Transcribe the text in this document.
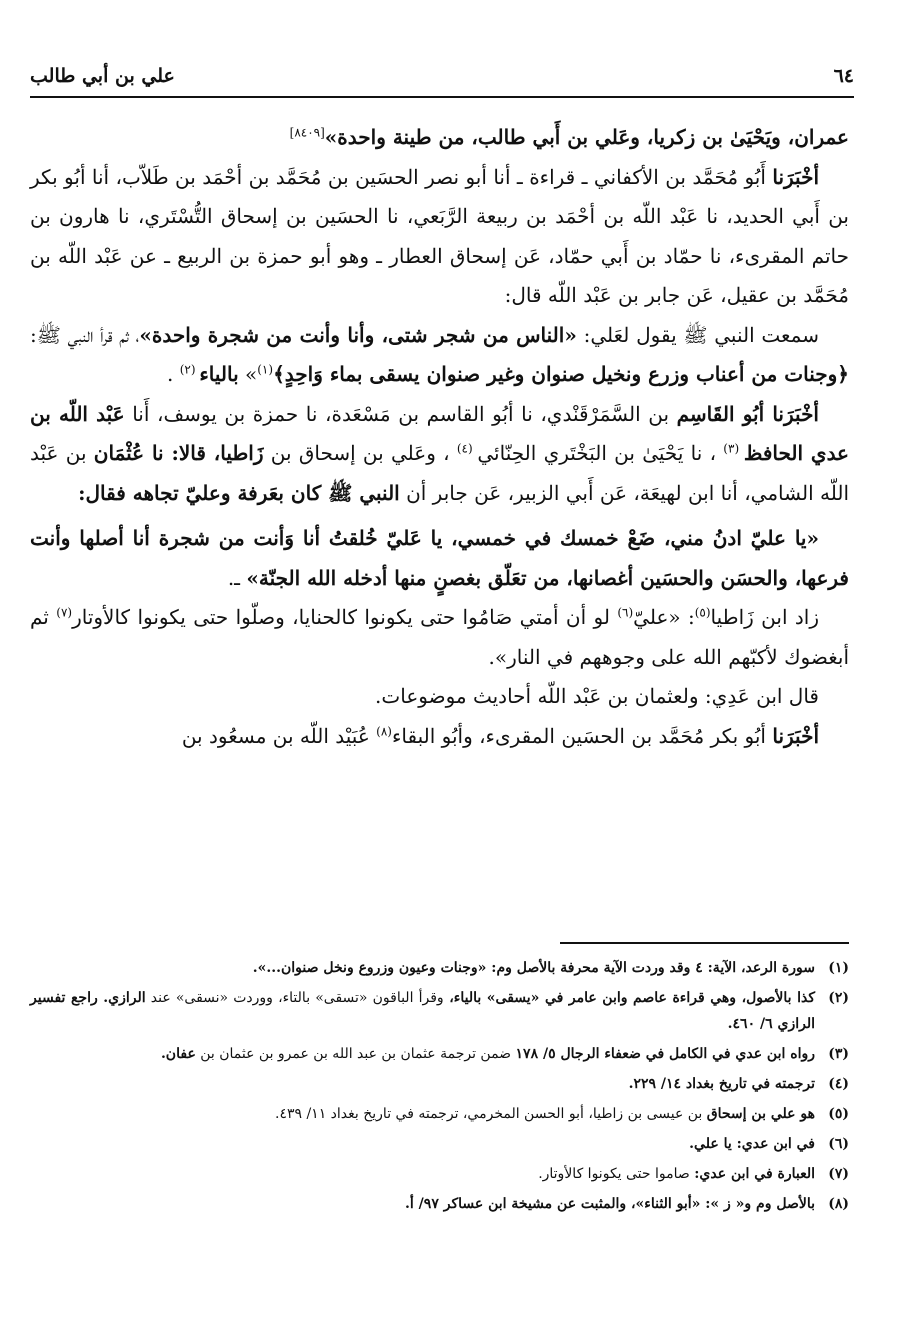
٦٤
علي بن أبي طالب

عمران، ويَحْيَىٰ بن زكريا، وعَلي بن أَبي طالب، من طينة واحدة»[٨٤٠٩]

أخْبَرَنا أَبُو مُحَمَّد بن الأكفاني ـ قراءة ـ أنا أبو نصر الحسَين بن مُحَمَّد بن أحْمَد بن طَلاّب، أنا أبُو بكر بن أَبي الحديد، نا عَبْد اللّه بن أحْمَد بن ربيعة الرَّبَعي، نا الحسَين بن إسحاق التُّسْتَري، نا هارون بن حاتم المقرىء، نا حمّاد بن أَبي حمّاد، عَن إسحاق العطار ـ وهو أبو حمزة بن الربيع ـ عن عَبْد اللّه بن مُحَمَّد بن عقيل، عَن جابر بن عَبْد اللّه قال:

سمعت النبي ﷺ يقول لعَلي: «الناس من شجر شتى، وأنا وأنت من شجرة واحدة»، ثم قرأ النبي ﷺ: ﴿وجنات من أعناب وزرع ونخيل صنوان وغير صنوان يسقى بماء وَاحِدٍ﴾$^{(١)}$» بالياء $^{(٢)}$ .

أخْبَرَنا أبُو القَاسِم بن السَّمَرْقَنْدي، نا أبُو القاسم بن مَسْعَدة، نا حمزة بن يوسف، أَنا عَبْد اللّه بن عدي الحافظ $^{(٣)}$ ، نا يَحْيَىٰ بن البَخْتَري الحِنّائي $^{(٤)}$ ، وعَلي بن إسحاق بن زَاطيا، قالا: نا عُثْمَان بن عَبْد اللّه الشامي، أنا ابن لهيعَة، عَن أَبي الزبير، عَن جابر أن النبي ﷺ كان بعَرفة وعليّ تجاهه فقال:

«يا عليّ ادنُ مني، ضَعْ خمسك في خمسي، يا عَليّ خُلقتُ أنا وَأنت من شجرة أنا أصلها وأنت فرعها، والحسَن والحسَين أغصانها، من تعَلّق بغصنٍ منها أدخله الله الجنّة» ـ.

زاد ابن زَاطيا$^{(٥)}$: «عليّ$^{(٦)}$ لو أن أمتي صَامُوا حتى يكونوا كالحنايا، وصلّوا حتى يكونوا كالأوتار$^{(٧)}$ ثم أبغضوك لأكبّهم الله على وجوههم في النار».

قال ابن عَدِي: ولعثمان بن عَبْد اللّه أحاديث موضوعات.

أخْبَرَنا أبُو بكر مُحَمَّد بن الحسَين المقرىء، وأبُو البقاء$^{(٨)}$ عُبَيْد اللّه بن مسعُود بن

(١)
سورة الرعد، الآية: ٤ وقد وردت الآية محرفة بالأصل وم: «وجنات وعيون وزروع ونخل صنوان...».
(٢)
كذا بالأصول، وهي قراءة عاصم وابن عامر في «يسقى» بالياء، وقرأ الباقون «تسقى» بالتاء، ووردت «نسقى» عند الرازي. راجع تفسير الرازي ٦/ ٤٦٠.
(٣)
رواه ابن عدي في الكامل في ضعفاء الرجال ٥/ ١٧٨ ضمن ترجمة عثمان بن عبد الله بن عمرو بن عثمان بن عفان.
(٤)
ترجمته في تاريخ بغداد ١٤/ ٢٢٩.
(٥)
هو علي بن إسحاق بن عيسى بن زاطيا، أبو الحسن المخرمي، ترجمته في تاريخ بغداد ١١/ ٤٣٩.
(٦)
في ابن عدي: يا علي.
(٧)
العبارة في ابن عدي: صاموا حتى يكونوا كالأوتار.
(٨)
بالأصل وم و« ز »: «أبو الثناء»، والمثبت عن مشيخة ابن عساكر ٩٧/ أ.
